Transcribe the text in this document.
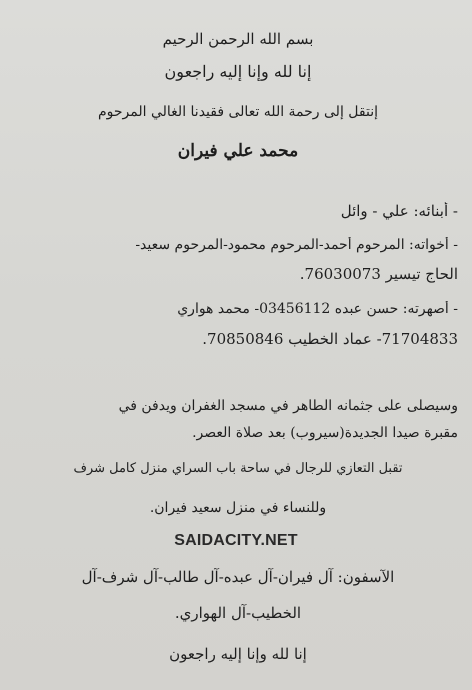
بسم الله الرحمن الرحيم
إنا لله وإنا إليه راجعون
إنتقل إلى رحمة الله تعالى فقيدنا الغالي المرحوم
محمد علي فيران
- أبنائه: علي - وائل
- أخواته: المرحوم أحمد-المرحوم محمود-المرحوم سعيد-
الحاج تيسير 76030073.
- أصهرته: حسن عبده 03456112- محمد هواري
71704833- عماد الخطيب 70850846.
وسيصلى على جثمانه الطاهر في مسجد الغفران ويدفن في
مقبرة صيدا الجديدة(سيروب) بعد صلاة العصر.
تقبل التعازي للرجال في ساحة باب السراي منزل كامل شرف
وللنساء في منزل سعيد فيران.
SAIDACITY.NET
الآسفون: آل فيران-آل عبده-آل طالب-آل شرف-آل
الخطيب-آل الهواري.
إنا لله وإنا إليه راجعون
